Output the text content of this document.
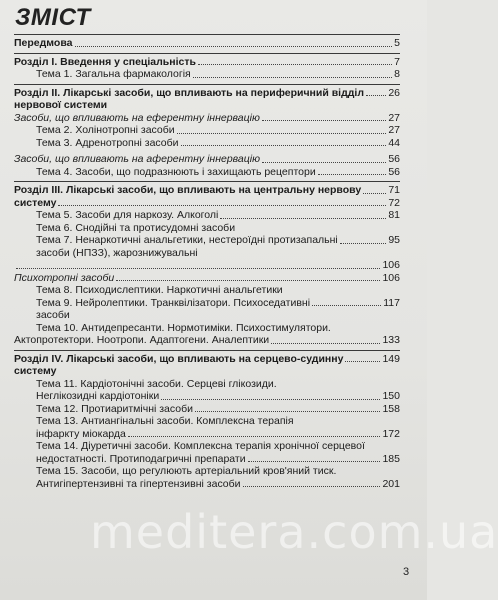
ЗМІСТ
Передмова	5
Розділ І. Введення у спеціальність	7
Тема 1. Загальна фармакологія	8
Розділ ІІ. Лікарські засоби, що впливають на периферичний відділ 26
нервової системи
Засоби, що впливають на еферентну іннервацію	27
Тема 2. Холінотропні засоби	27
Тема 3. Адренотропні засоби	44
Засоби, що впливають на аферентну іннервацію	56
Тема 4. Засоби, що подразнюють і захищають рецептори	56
Розділ ІІІ. Лікарські засоби, що впливають на центральну нервову	71
систему	72
Тема 5. Засоби для наркозу. Алкоголі	81
Тема 6. Снодійні та протисудомні засоби
Тема 7. Ненаркотичні анальгетики, нестероїдні протизапальні	95
засоби (НПЗЗ), жарознижувальні
106
Психотропні засоби	106
Тема 8. Психодислептики. Наркотичні анальгетики
Тема 9. Нейролептики. Транквілізатори. Психоседативні	117
засоби
Тема 10. Антидепресанти. Нормотиміки. Психостимулятори.
Актопротектори. Ноотропи. Адаптогени. Аналептики	133
Розділ IV. Лікарські засоби, що впливають на серцево-судинну	149
систему
Тема 11. Кардіотонічні засоби. Серцеві глікозиди.
Неглікозидні кардіотоніки	150
Тема 12. Протиаритмічні засоби	158
Тема 13. Антиангінальні засоби. Комплексна терапія
інфаркту міокарда	172
Тема 14. Діуретичні засоби. Комплексна терапія хронічної серцевої
недостатності. Протиподагричні препарати	185
Тема 15. Засоби, що регулюють артеріальний кров'яний тиск.
Антигіпертензивні та гіпертензивні засоби	201
meditera.com.ua
3
